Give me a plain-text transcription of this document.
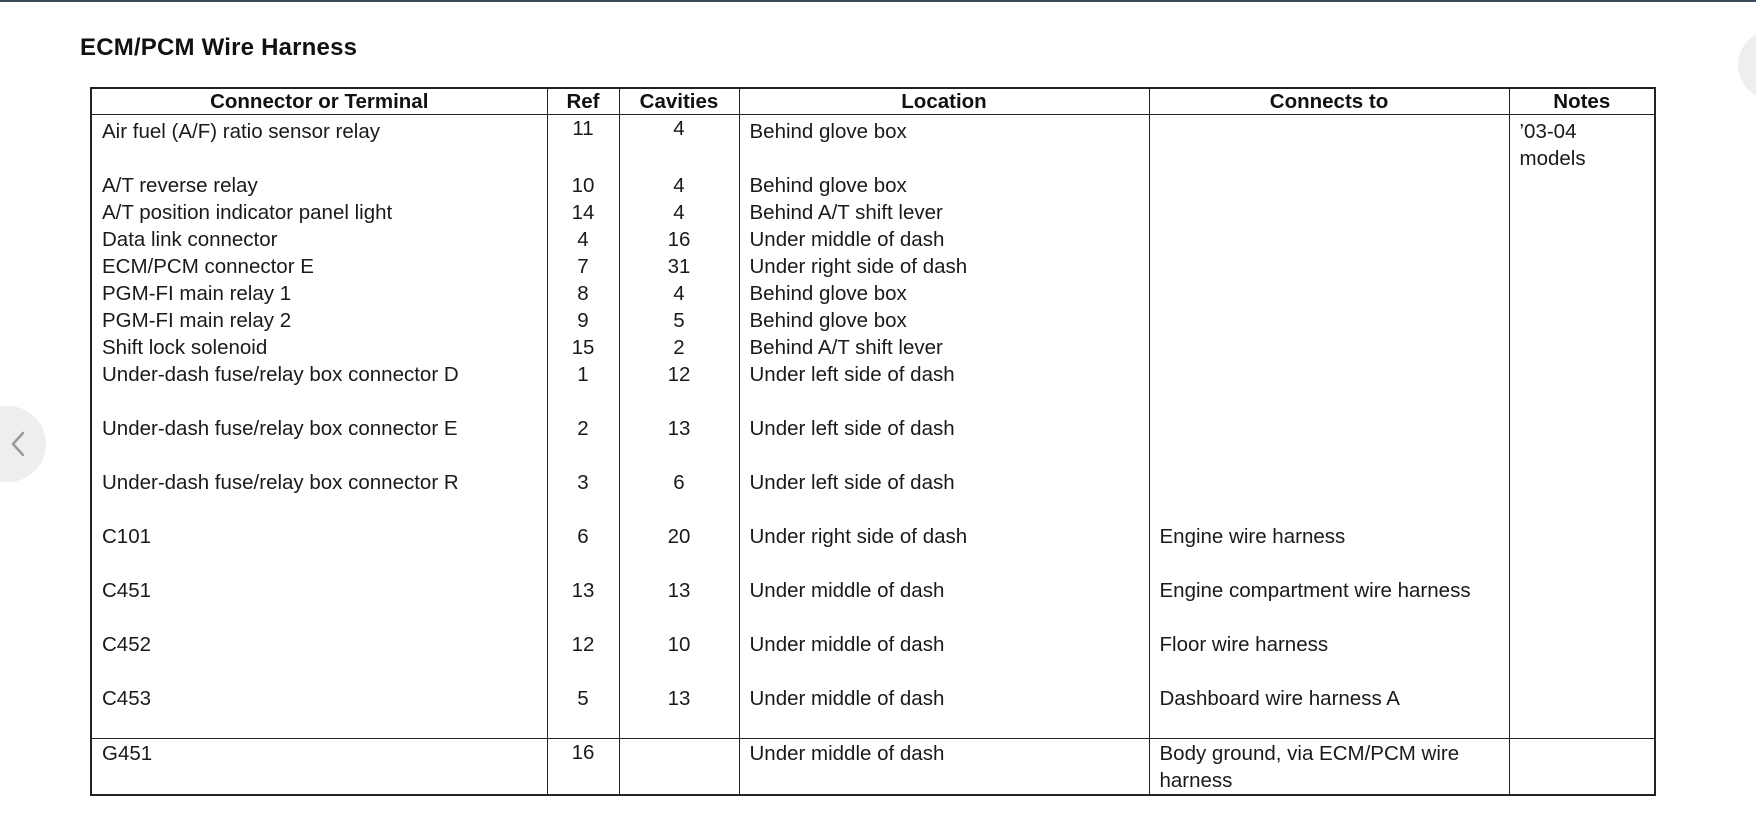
ECM/PCM Wire Harness
Connector or Terminal	Ref	Cavities	Location	Connects to	Notes
Air fuel (A/F) ratio sensor relay	11	4	Behind glove box		’03-04 models
A/T reverse relay	10	4	Behind glove box		
A/T position indicator panel light	14	4	Behind A/T shift lever		
Data link connector	4	16	Under middle of dash		
ECM/PCM connector E	7	31	Under right side of dash		
PGM-FI main relay 1	8	4	Behind glove box		
PGM-FI main relay 2	9	5	Behind glove box		
Shift lock solenoid	15	2	Behind A/T shift lever		
Under-dash fuse/relay box connector D	1	12	Under left side of dash		
Under-dash fuse/relay box connector E	2	13	Under left side of dash		
Under-dash fuse/relay box connector R	3	6	Under left side of dash		
C101	6	20	Under right side of dash	Engine wire harness	
C451	13	13	Under middle of dash	Engine compartment wire harness	
C452	12	10	Under middle of dash	Floor wire harness	
C453	5	13	Under middle of dash	Dashboard wire harness A	
G451	16		Under middle of dash	Body ground, via ECM/PCM wire harness	
